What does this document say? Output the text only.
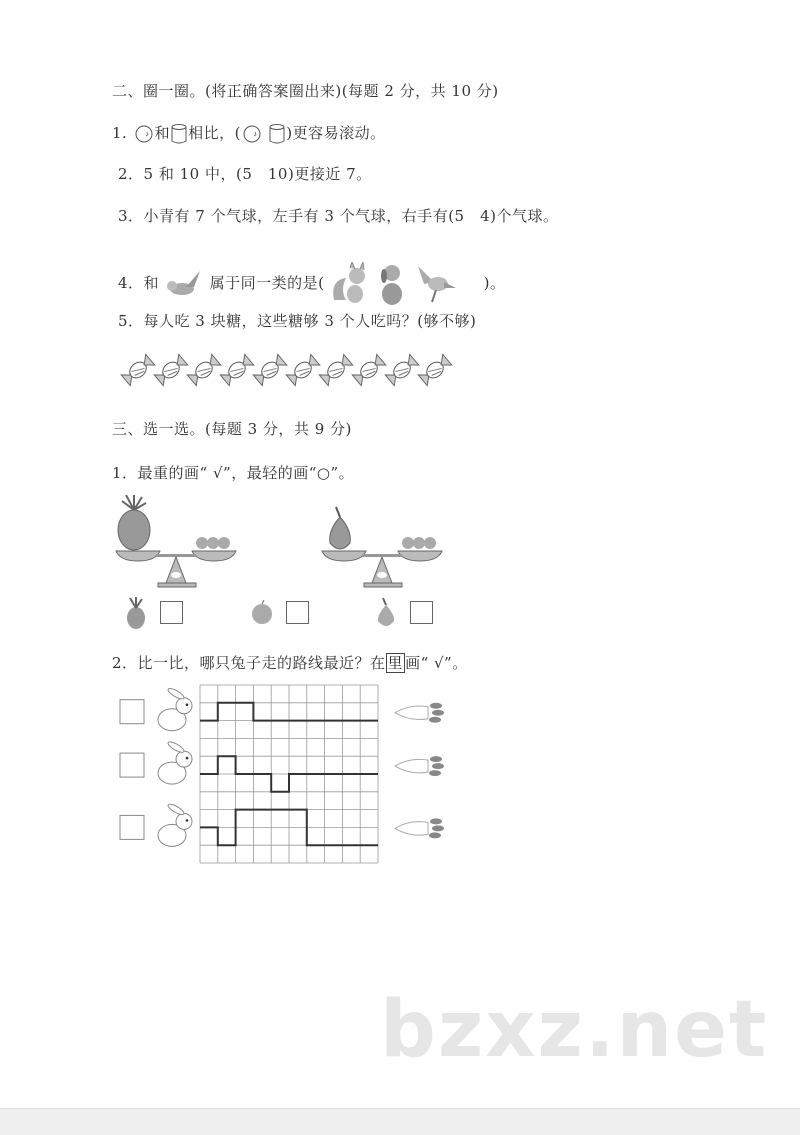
二、圈一圈。(将正确答案圈出来)(每题 2 分，共 10 分)
1. 和 相比，(	)更容易滚动。
2．5 和 10 中，(5　10)更接近 7。
3．小青有 7 个气球，左手有 3 个气球，右手有(5　4)个气球。
4．和	属于同一类的是(	)。
5．每人吃 3 块糖，这些糖够 3 个人吃吗？(够不够)
三、选一选。(每题 3 分，共 9 分)
1．最重的画“ √”，最轻的画“○”。
2．比一比，哪只兔子走的路线最近？在 里 画“ √”。
bzxz.net
